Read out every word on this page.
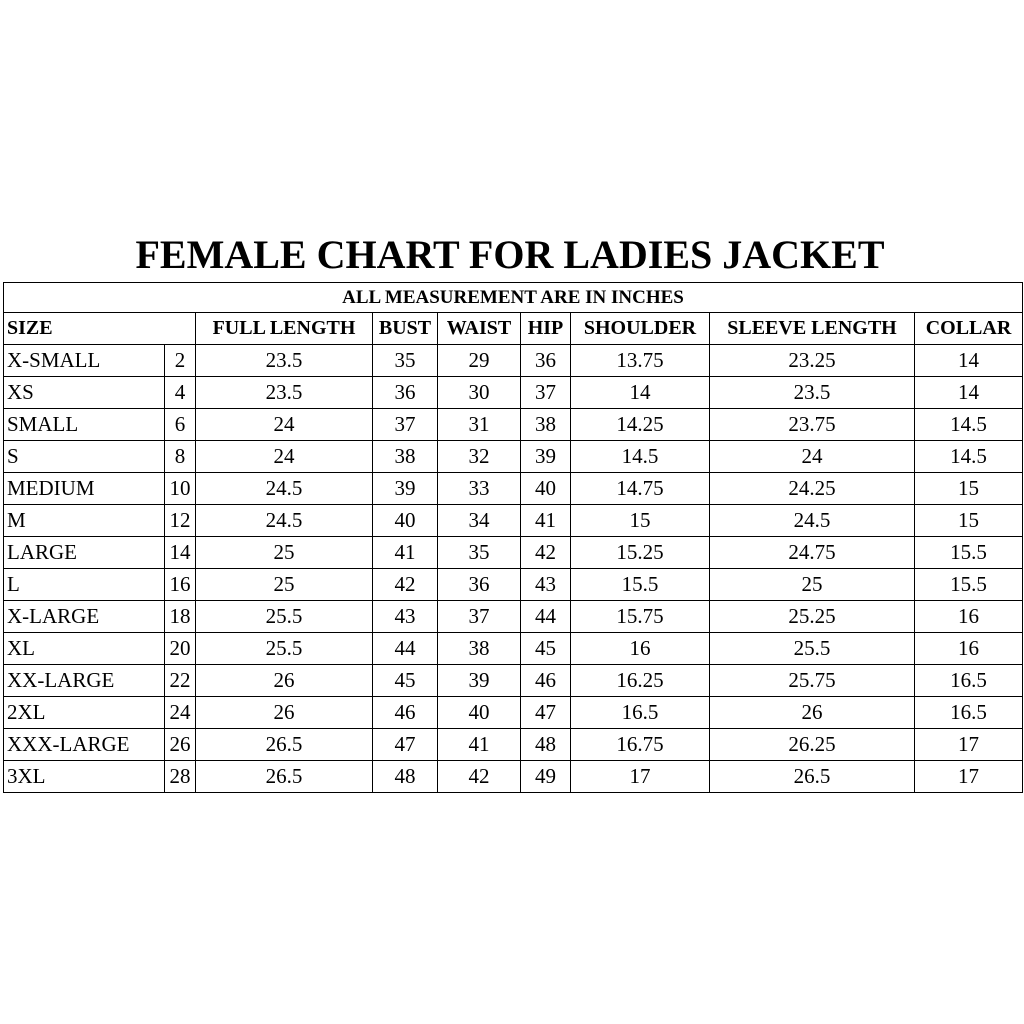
FEMALE CHART FOR LADIES JACKET
ALL MEASUREMENT ARE IN INCHES								
SIZE		FULL LENGTH	BUST	WAIST	HIP	SHOULDER	SLEEVE LENGTH	COLLAR
X-SMALL	2	23.5	35	29	36	13.75	23.25	14
XS	4	23.5	36	30	37	14	23.5	14
SMALL	6	24	37	31	38	14.25	23.75	14.5
S	8	24	38	32	39	14.5	24	14.5
MEDIUM	10	24.5	39	33	40	14.75	24.25	15
M	12	24.5	40	34	41	15	24.5	15
LARGE	14	25	41	35	42	15.25	24.75	15.5
L	16	25	42	36	43	15.5	25	15.5
X-LARGE	18	25.5	43	37	44	15.75	25.25	16
XL	20	25.5	44	38	45	16	25.5	16
XX-LARGE	22	26	45	39	46	16.25	25.75	16.5
2XL	24	26	46	40	47	16.5	26	16.5
XXX-LARGE	26	26.5	47	41	48	16.75	26.25	17
3XL	28	26.5	48	42	49	17	26.5	17
